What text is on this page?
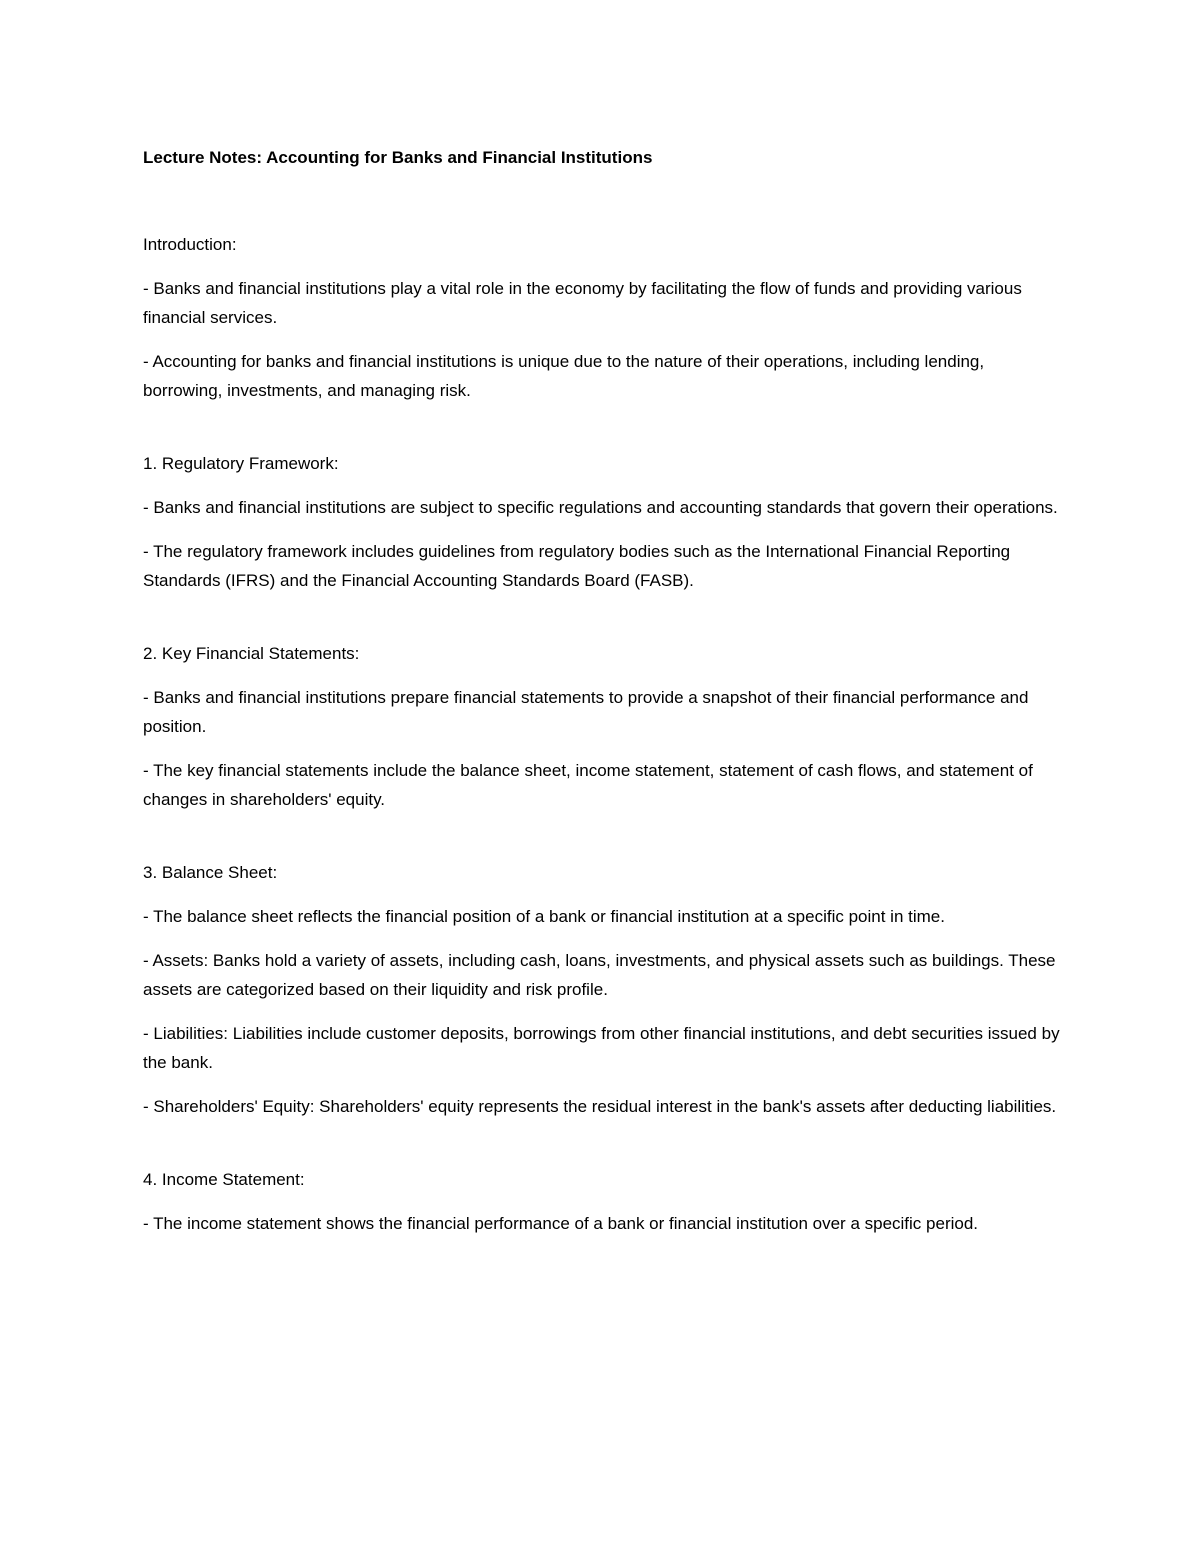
Lecture Notes: Accounting for Banks and Financial Institutions

Introduction:

- Banks and financial institutions play a vital role in the economy by facilitating the flow of funds and providing various financial services.

- Accounting for banks and financial institutions is unique due to the nature of their operations, including lending, borrowing, investments, and managing risk.

1. Regulatory Framework:

- Banks and financial institutions are subject to specific regulations and accounting standards that govern their operations.

- The regulatory framework includes guidelines from regulatory bodies such as the International Financial Reporting Standards (IFRS) and the Financial Accounting Standards Board (FASB).

2. Key Financial Statements:

- Banks and financial institutions prepare financial statements to provide a snapshot of their financial performance and position.

- The key financial statements include the balance sheet, income statement, statement of cash flows, and statement of changes in shareholders' equity.

3. Balance Sheet:

- The balance sheet reflects the financial position of a bank or financial institution at a specific point in time.

- Assets: Banks hold a variety of assets, including cash, loans, investments, and physical assets such as buildings. These assets are categorized based on their liquidity and risk profile.

- Liabilities: Liabilities include customer deposits, borrowings from other financial institutions, and debt securities issued by the bank.

- Shareholders' Equity: Shareholders' equity represents the residual interest in the bank's assets after deducting liabilities.

4. Income Statement:

- The income statement shows the financial performance of a bank or financial institution over a specific period.
